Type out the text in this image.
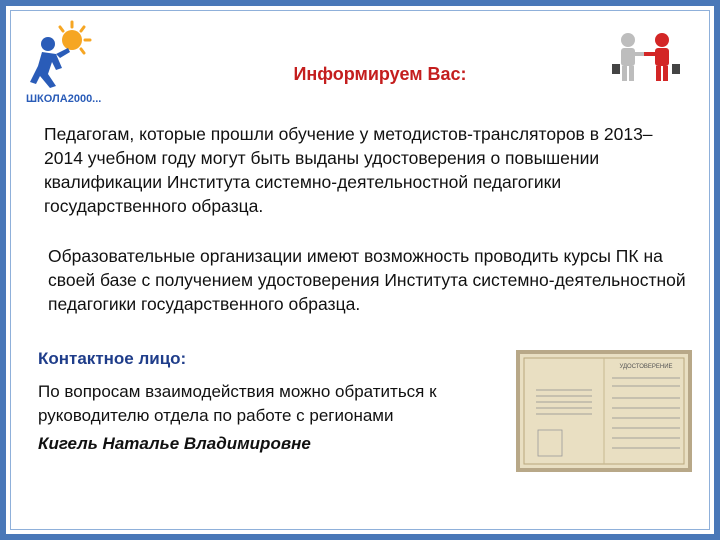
ШКОЛА2000...
Информируем Вас:
Педагогам, которые прошли обучение у методистов-трансляторов в 2013–2014 учебном году могут быть выданы удостоверения о повышении квалификации Института системно-деятельностной педагогики государственного образца.
Образовательные организации имеют возможность проводить курсы ПК на своей базе с получением удостоверения Института системно-деятельностной педагогики государственного образца.
Контактное лицо:
По вопросам взаимодействия можно обратиться к руководителю отдела по работе с регионами
Кигель Наталье Владимировне
УДОСТОВЕРЕНИЕ
